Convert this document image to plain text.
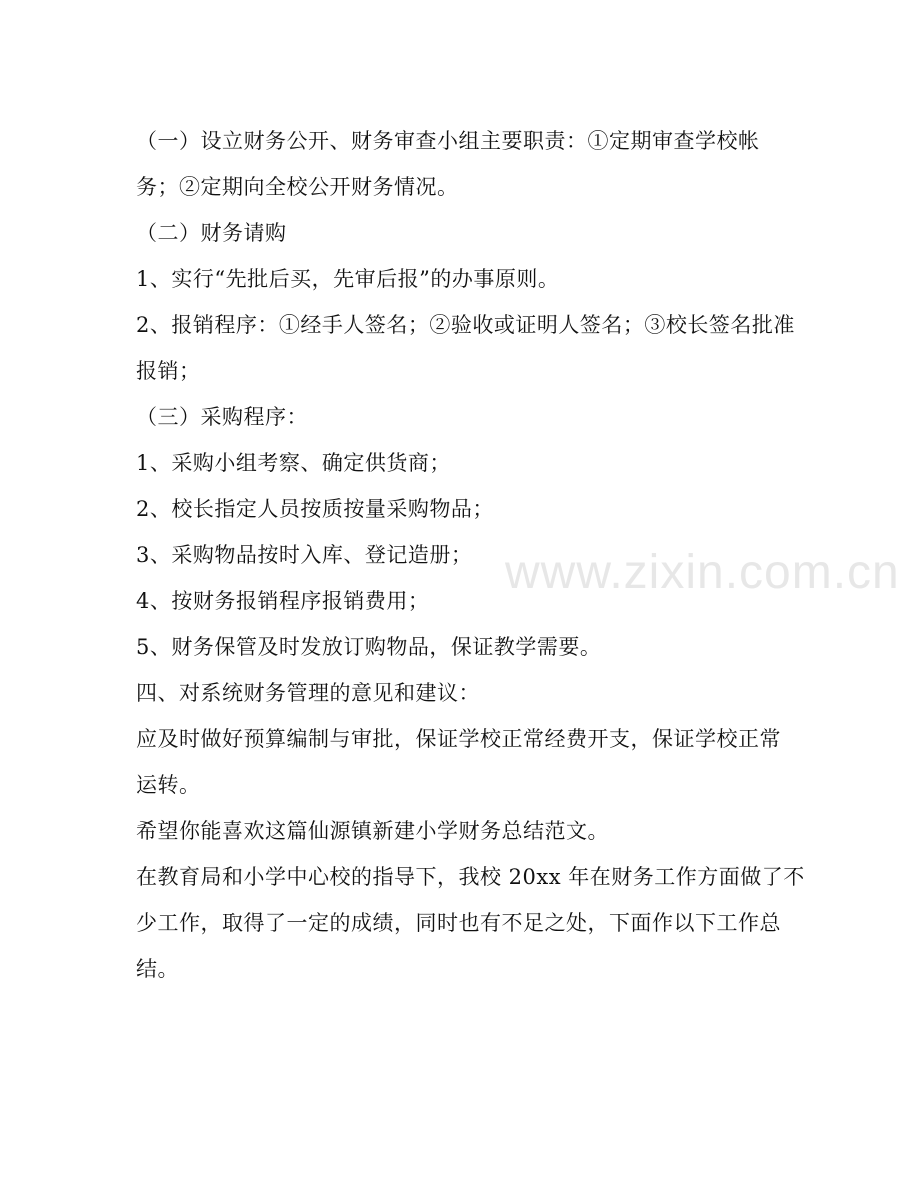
（一）设立财务公开、财务审查小组主要职责：①定期审查学校帐
务；②定期向全校公开财务情况。
（二）财务请购
1、实行“先批后买，先审后报”的办事原则。
2、报销程序：①经手人签名；②验收或证明人签名；③校长签名批准
报销；
（三）采购程序：
1、采购小组考察、确定供货商；
2、校长指定人员按质按量采购物品；
3、采购物品按时入库、登记造册；
4、按财务报销程序报销费用；
5、财务保管及时发放订购物品，保证教学需要。
四、对系统财务管理的意见和建议：
应及时做好预算编制与审批，保证学校正常经费开支，保证学校正常
运转。
希望你能喜欢这篇仙源镇新建小学财务总结范文。
在教育局和小学中心校的指导下，我校 20xx 年在财务工作方面做了不
少工作，取得了一定的成绩，同时也有不足之处，下面作以下工作总
结。
www.zixin.com.cn
